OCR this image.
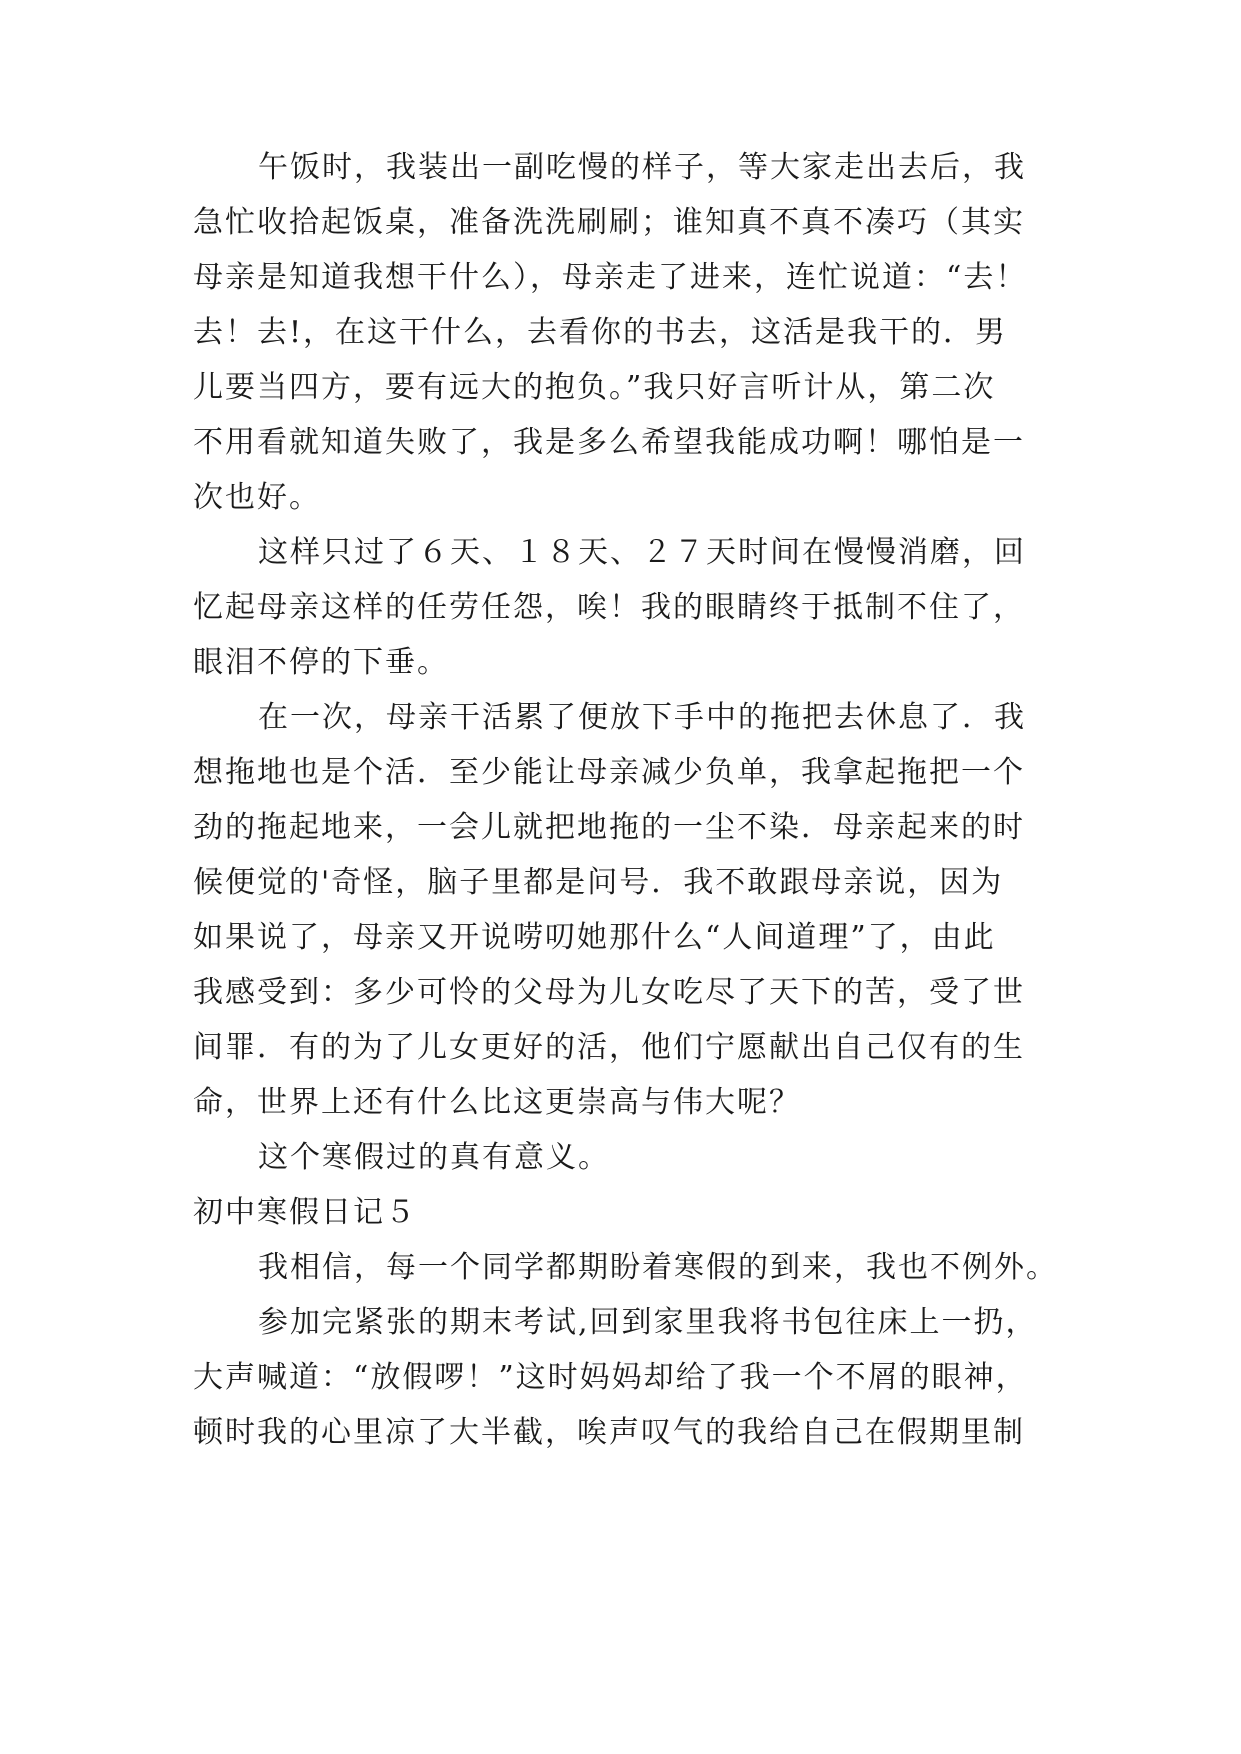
午饭时，我装出一副吃慢的样子，等大家走出去后，我
急忙收拾起饭桌，准备洗洗刷刷；谁知真不真不凑巧（其实
母亲是知道我想干什么），母亲走了进来，连忙说道：“去！
去！去!，在这干什么，去看你的书去，这活是我干的．男
儿要当四方，要有远大的抱负。”我只好言听计从，第二次
不用看就知道失败了，我是多么希望我能成功啊！哪怕是一
次也好。
这样只过了６天、１８天、２７天时间在慢慢消磨，回
忆起母亲这样的任劳任怨，唉！我的眼睛终于抵制不住了，
眼泪不停的下垂。
在一次，母亲干活累了便放下手中的拖把去休息了．我
想拖地也是个活．至少能让母亲减少负单，我拿起拖把一个
劲的拖起地来，一会儿就把地拖的一尘不染．母亲起来的时
候便觉的'奇怪，脑子里都是问号．我不敢跟母亲说，因为
如果说了，母亲又开说唠叨她那什么“人间道理”了，由此
我感受到：多少可怜的父母为儿女吃尽了天下的苦，受了世
间罪．有的为了儿女更好的活，他们宁愿献出自己仅有的生
命，世界上还有什么比这更崇高与伟大呢？
这个寒假过的真有意义。
初中寒假日记５
我相信，每一个同学都期盼着寒假的到来，我也不例外。
参加完紧张的期末考试,回到家里我将书包往床上一扔，
大声喊道：“放假啰！”这时妈妈却给了我一个不屑的眼神，
顿时我的心里凉了大半截，唉声叹气的我给自己在假期里制
